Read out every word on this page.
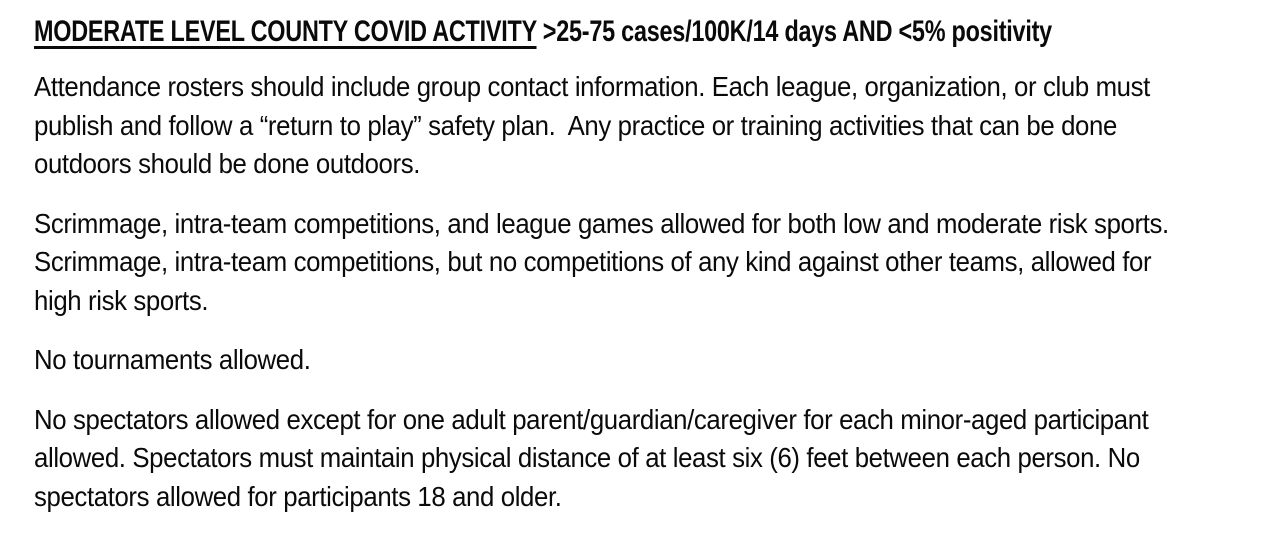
MODERATE LEVEL COUNTY COVID ACTIVITY >25-75 cases/100K/14 days AND <5% positivity
Attendance rosters should include group contact information. Each league, organization, or club must
publish and follow a “return to play” safety plan.  Any practice or training activities that can be done
outdoors should be done outdoors.
Scrimmage, intra-team competitions, and league games allowed for both low and moderate risk sports.
Scrimmage, intra-team competitions, but no competitions of any kind against other teams, allowed for
high risk sports.
No tournaments allowed.
No spectators allowed except for one adult parent/guardian/caregiver for each minor-aged participant
allowed. Spectators must maintain physical distance of at least six (6) feet between each person. No
spectators allowed for participants 18 and older.
